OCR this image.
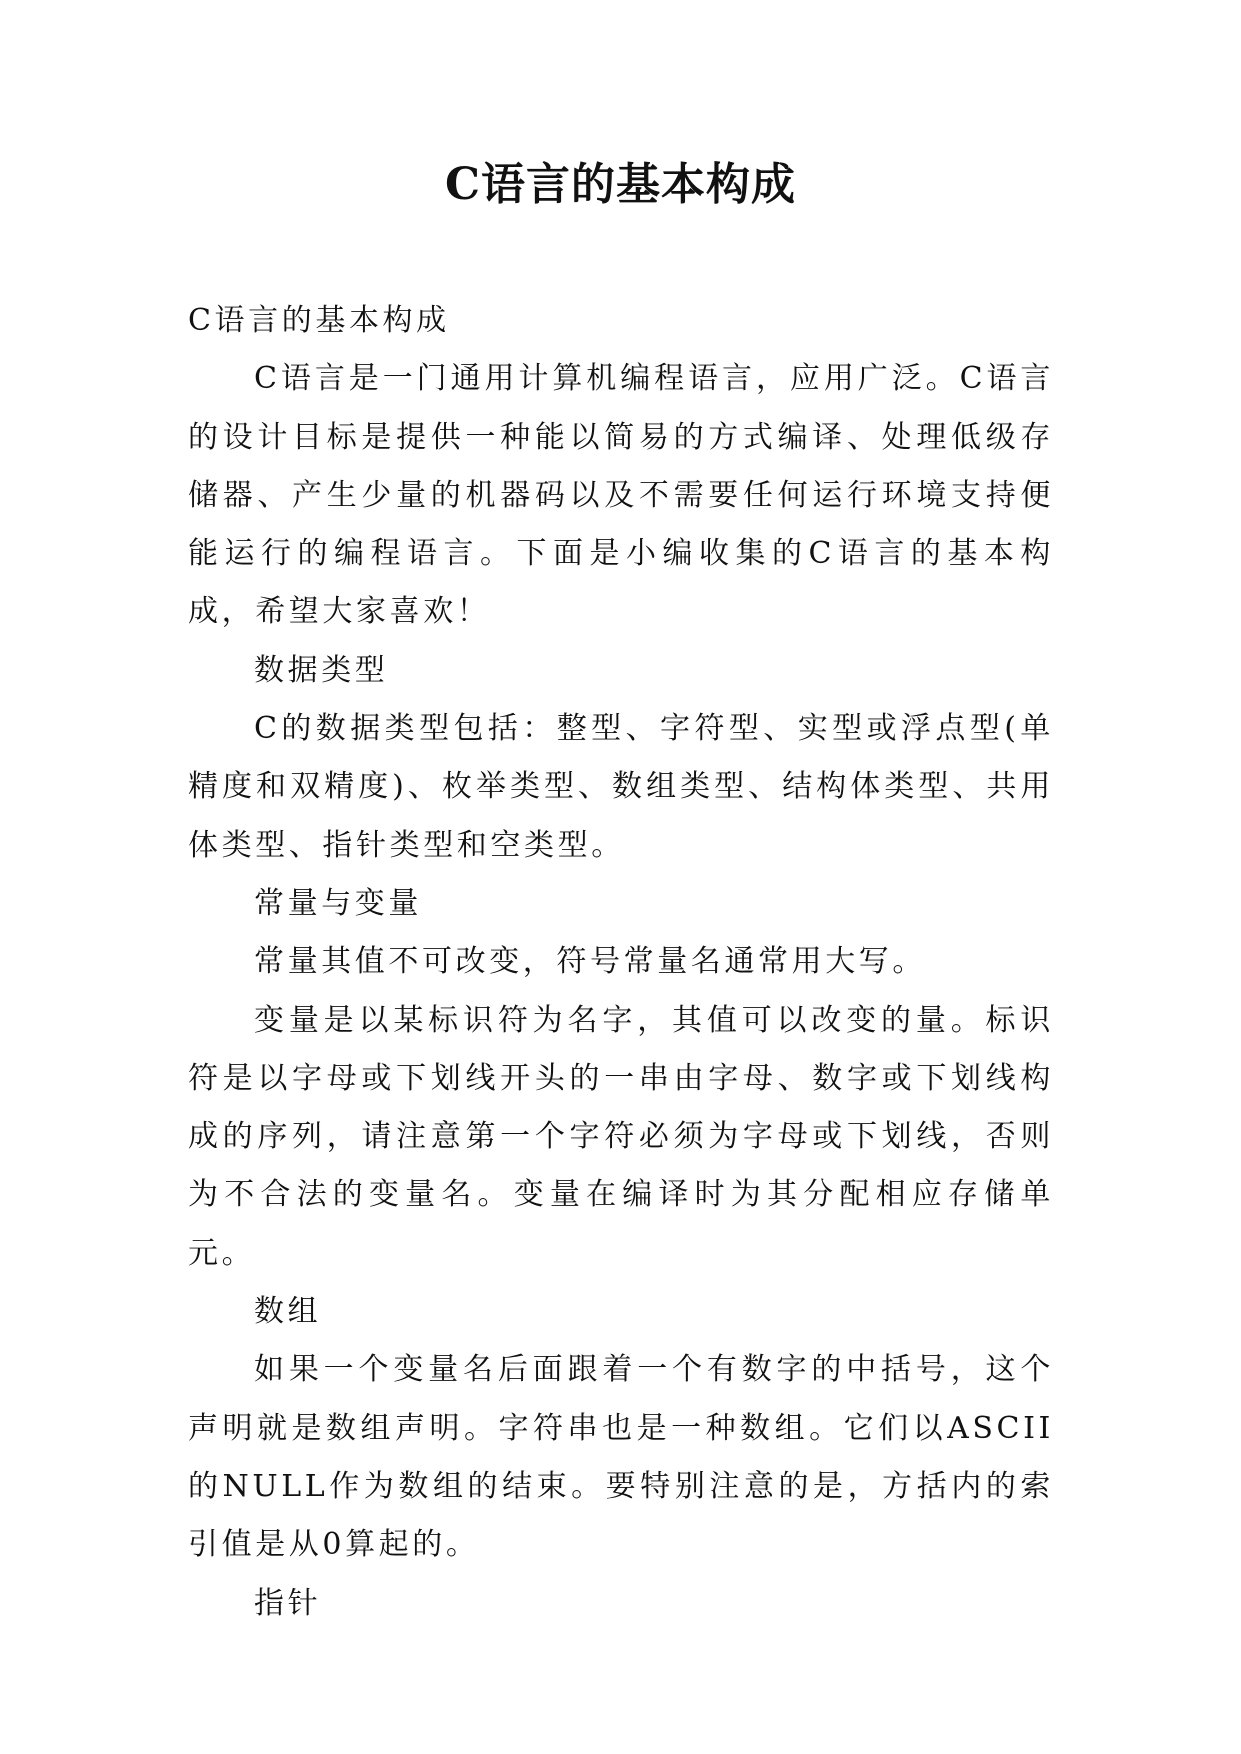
C语言的基本构成

C语言的基本构成

C语言是一门通用计算机编程语言，应用广泛。C语言的设计目标是提供一种能以简易的方式编译、处理低级存储器、产生少量的机器码以及不需要任何运行环境支持便能运行的编程语言。下面是小编收集的C语言的基本构成，希望大家喜欢！

数据类型

C的数据类型包括：整型、字符型、实型或浮点型(单精度和双精度)、枚举类型、数组类型、结构体类型、共用体类型、指针类型和空类型。

常量与变量

常量其值不可改变，符号常量名通常用大写。

变量是以某标识符为名字，其值可以改变的量。标识符是以字母或下划线开头的一串由字母、数字或下划线构成的序列，请注意第一个字符必须为字母或下划线，否则为不合法的变量名。变量在编译时为其分配相应存储单元。

数组

如果一个变量名后面跟着一个有数字的中括号，这个声明就是数组声明。字符串也是一种数组。它们以ASCII的NULL作为数组的结束。要特别注意的是，方括内的索引值是从0算起的。

指针
